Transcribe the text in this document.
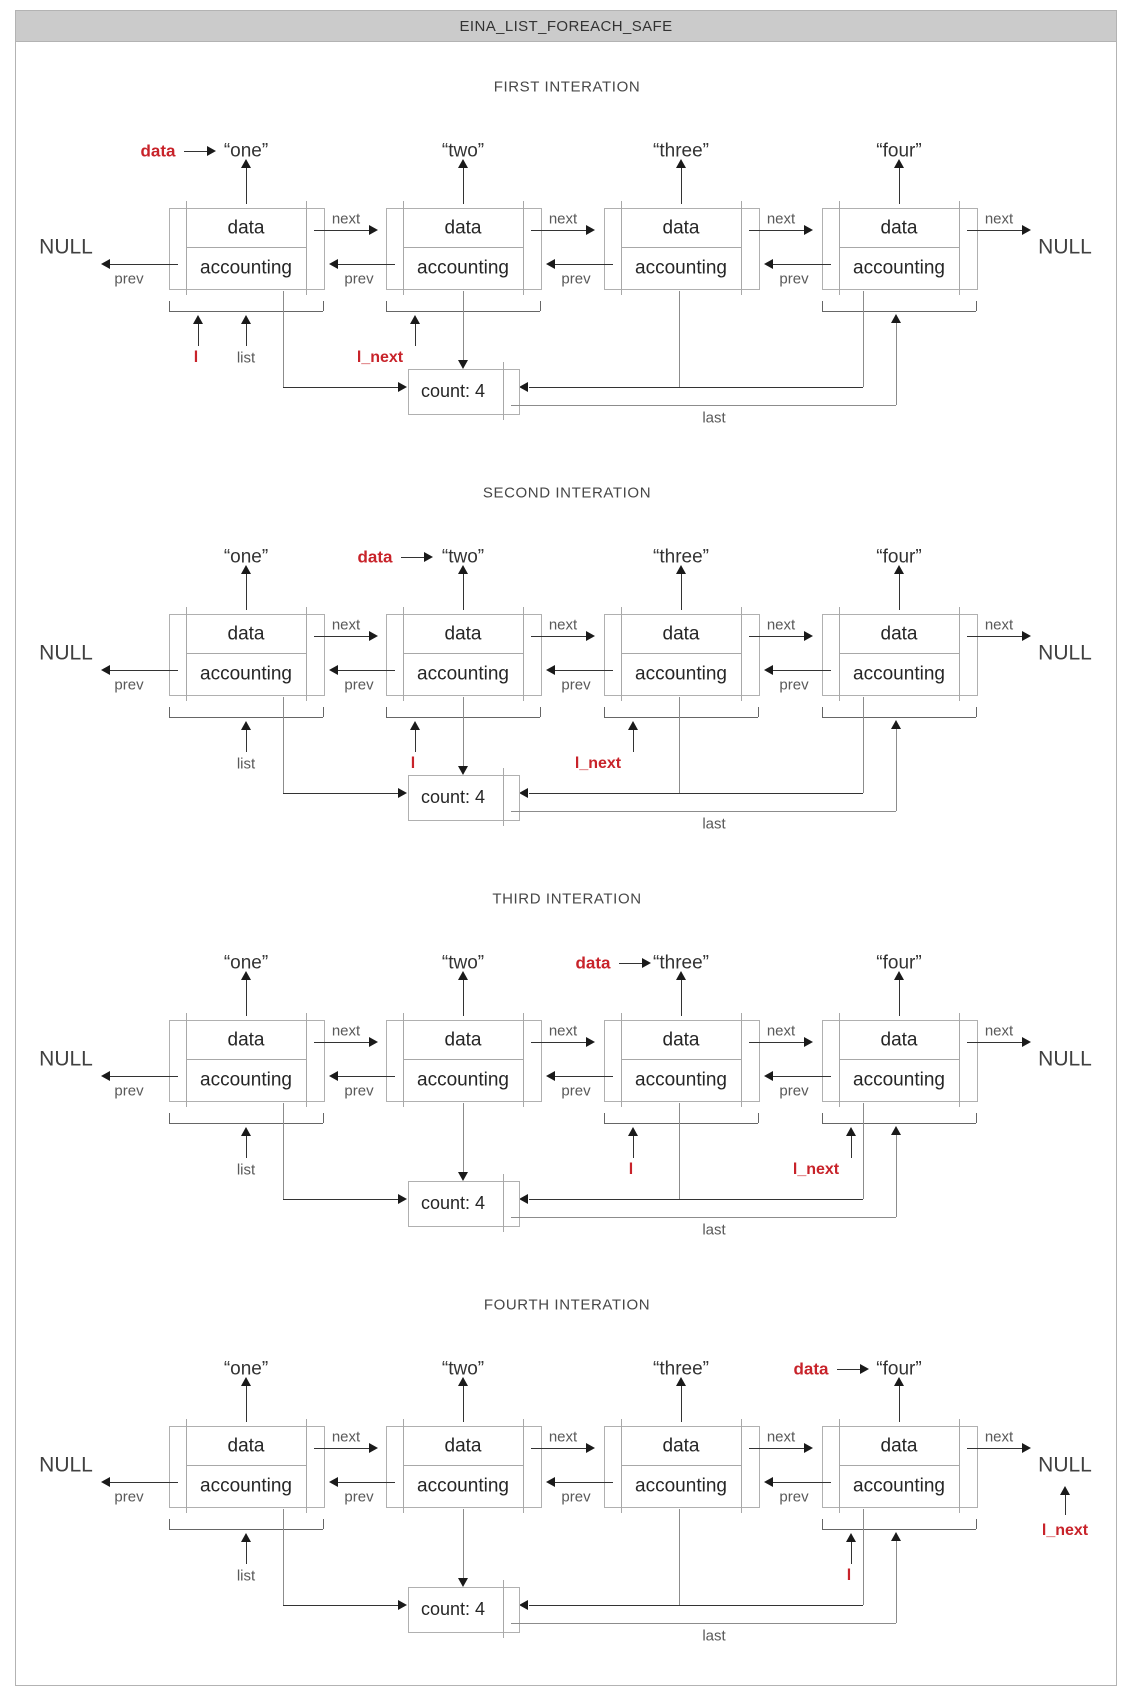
EINA_LIST_FOREACH_SAFE
FIRST INTERATION
“one”
data
accounting
“two”
data
accounting
“three”
data
accounting
“four”
data
accounting
next	next	next	next
prev	prev	prev	prev
NULL	NULL
count: 4
last
list
l	l_next
data
SECOND INTERATION
“one”
data
accounting
“two”
data
accounting
“three”
data
accounting
“four”
data
accounting
next	next	next	next
prev	prev	prev	prev
NULL	NULL
count: 4
last
list	l	l_next
data
THIRD INTERATION
“one”
data
accounting
“two”
data
accounting
“three”
data
accounting
“four”
data
accounting
next	next	next	next
prev	prev	prev	prev
NULL	NULL
count: 4
last
list	l	l_next
data
FOURTH INTERATION
“one”
data
accounting
“two”
data
accounting
“three”
data
accounting
“four”
data
accounting
next	next	next	next
prev	prev	prev	prev
NULL	NULL
count: 4
last
list	l
l_next
data
